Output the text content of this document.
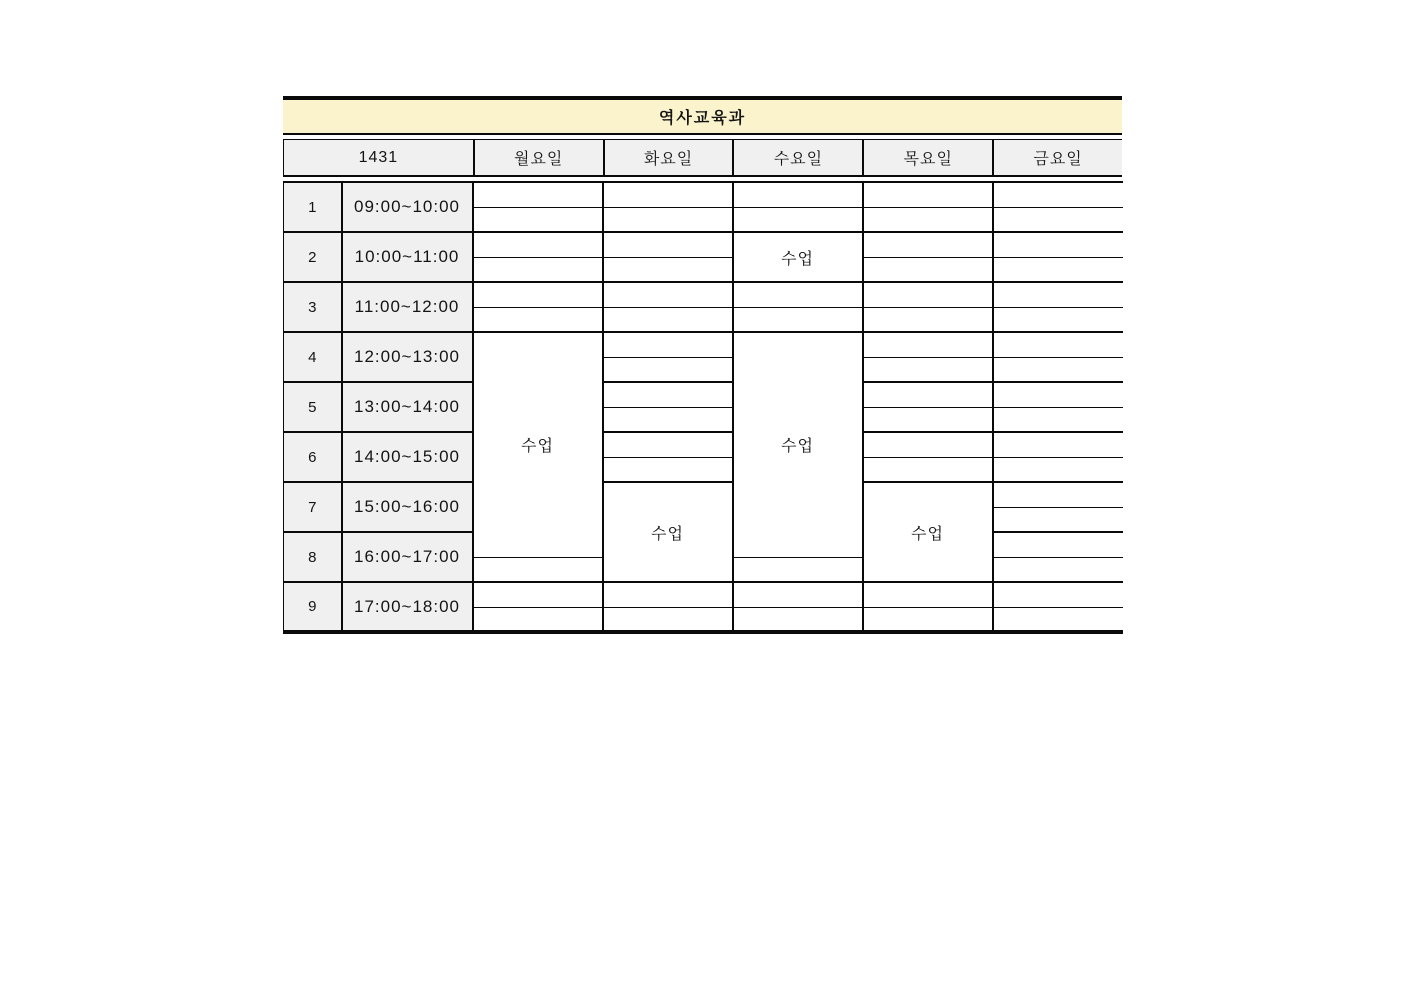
역사교육과
1431	월요일	화요일	수요일	목요일	금요일
1	09:00~10:00					

2	10:00~11:00			수업		

3	11:00~12:00					

4	12:00~13:00	수업		수업		

5	13:00~14:00					

6	14:00~15:00					

7	15:00~16:00		수업		수업	

8	16:00~17:00					

9	17:00~18:00					
